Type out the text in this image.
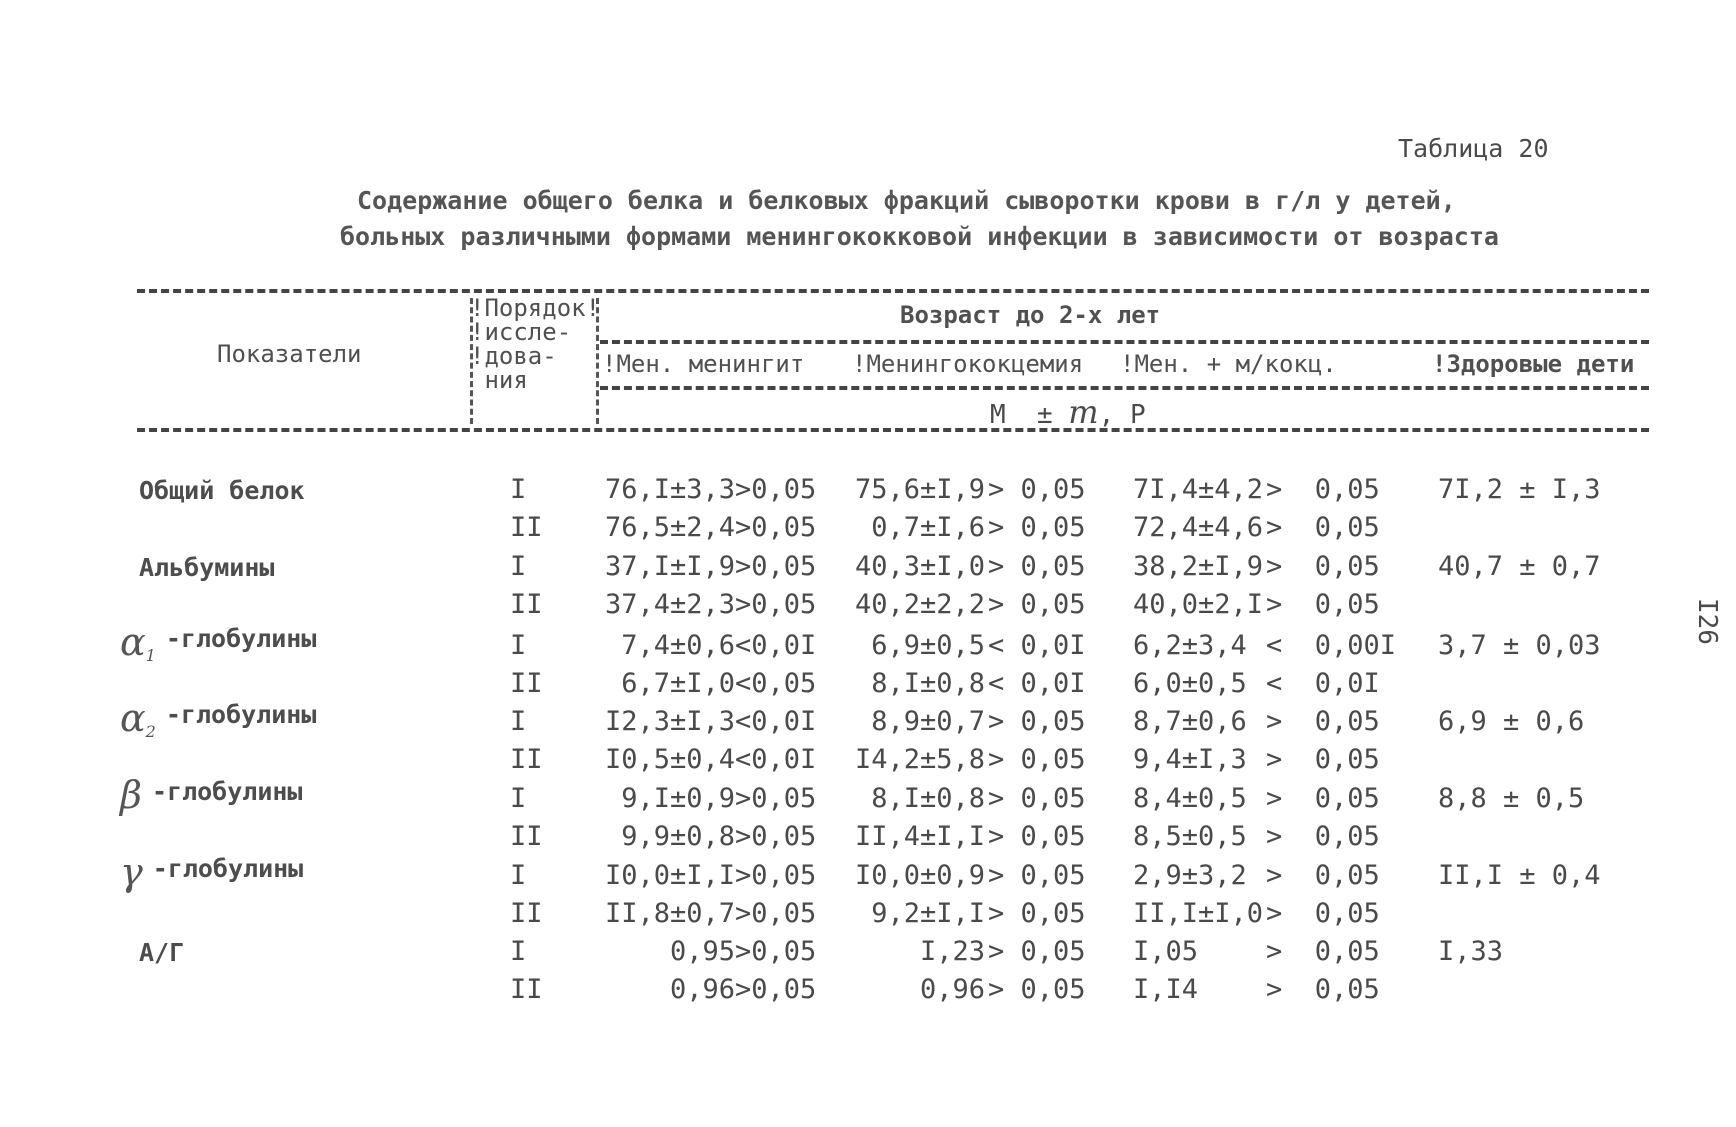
Таблица 20
Содержание общего белка и белковых фракций сыворотки крови в г/л у детей,
больных различными формами менингококковой инфекции в зависимости от возраста
I26
Показатели
!Порядок!
!иссле-
!дова-
ния
Возраст до 2-х лет
!Мен. менингит !Менингококцемия !Мен. + м/кокц.	!Здоровые дети
M ± m, P
Общий белок	I	76,I±3,3 >0,05 75,6±I,9 > 0,05 7I,4±4,2 >  0,05 7I,2 ± I,3
II 76,5±2,4 >0,05 0,7±I,6 > 0,05 72,4±4,6 >  0,05
Альбумины	I	37,I±I,9 >0,05 40,3±I,0 > 0,05 38,2±I,9 >  0,05 40,7 ± 0,7
II 37,4±2,3 >0,05 40,2±2,2 > 0,05 40,0±2,I >  0,05
$\alpha_1$-глобулины	I	7,4±0,6 <0,0I 6,9±0,5 < 0,0I 6,2±3,4 <  0,00I 3,7 ± 0,03
II	6,7±I,0 <0,05 8,I±0,8 < 0,0I 6,0±0,5 <  0,0I
$\alpha_2$-глобулины	I	I2,3±I,3 <0,0I 8,9±0,7 > 0,05 8,7±0,6 >  0,05 6,9 ± 0,6
II I0,5±0,4 <0,0I I4,2±5,8 > 0,05 9,4±I,3 >  0,05
β -глобулины	I	9,I±0,9 >0,05 8,I±0,8 > 0,05 8,4±0,5 >  0,05 8,8 ± 0,5
II	9,9±0,8 >0,05 II,4±I,I > 0,05 8,5±0,5 >  0,05
γ -глобулины	I	I0,0±I,I >0,05 I0,0±0,9 > 0,05 2,9±3,2 >  0,05 II,I ± 0,4
II II,8±0,7 >0,05 9,2±I,I > 0,05 II,I±I,0 >  0,05
А/Г	I	0,95 >0,05	I,23 > 0,05 I,05	>  0,05 I,33
II	0,96 >0,05	0,96 > 0,05 I,I4	>  0,05
